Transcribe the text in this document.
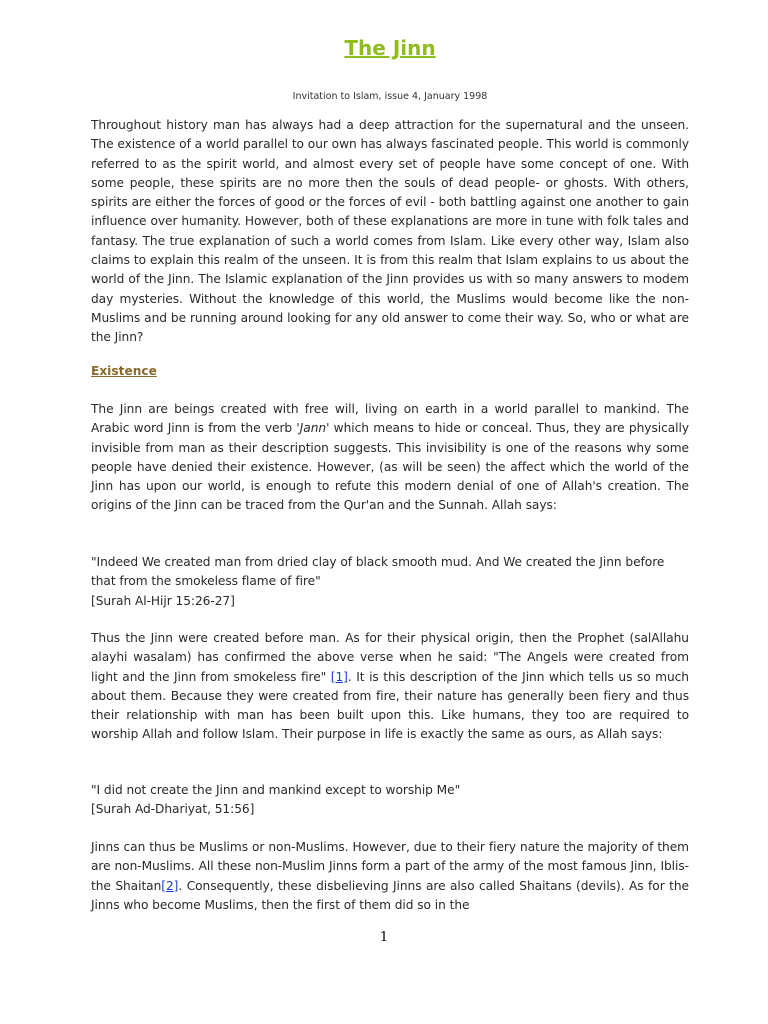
The Jinn
Invitation to Islam, issue 4, January 1998
Throughout history man has always had a deep attraction for the supernatural and the unseen. The existence of a world parallel to our own has always fascinated people. This world is commonly referred to as the spirit world, and almost every set of people have some concept of one. With some people, these spirits are no more then the souls of dead people- or ghosts. With others, spirits are either the forces of good or the forces of evil - both battling against one another to gain influence over humanity. However, both of these explanations are more in tune with folk tales and fantasy. The true explanation of such a world comes from Islam. Like every other way, Islam also claims to explain this realm of the unseen. It is from this realm that Islam explains to us about the world of the Jinn. The Islamic explanation of the Jinn provides us with so many answers to modem day mysteries. Without the knowledge of this world, the Muslims would become like the non-Muslims and be running around looking for any old answer to come their way. So, who or what are the Jinn?
Existence
The Jinn are beings created with free will, living on earth in a world parallel to mankind. The Arabic word Jinn is from the verb 'Jann' which means to hide or conceal. Thus, they are physically invisible from man as their description suggests. This invisibility is one of the reasons why some people have denied their existence. However, (as will be seen) the affect which the world of the Jinn has upon our world, is enough to refute this modern denial of one of Allah's creation. The origins of the Jinn can be traced from the Qur'an and the Sunnah. Allah says:
"Indeed We created man from dried clay of black smooth mud. And We created the Jinn before that from the smokeless flame of fire"
[Surah Al-Hijr 15:26-27]
Thus the Jinn were created before man. As for their physical origin, then the Prophet (salAllahu alayhi wasalam) has confirmed the above verse when he said: "The Angels were created from light and the Jinn from smokeless fire" [1]. It is this description of the Jinn which tells us so much about them. Because they were created from fire, their nature has generally been fiery and thus their relationship with man has been built upon this. Like humans, they too are required to worship Allah and follow Islam. Their purpose in life is exactly the same as ours, as Allah says:
"I did not create the Jinn and mankind except to worship Me"
[Surah Ad-Dhariyat, 51:56]
Jinns can thus be Muslims or non-Muslims. However, due to their fiery nature the majority of them are non-Muslims. All these non-Muslim Jinns form a part of the army of the most famous Jinn, Iblis- the Shaitan[2]. Consequently, these disbelieving Jinns are also called Shaitans (devils). As for the Jinns who become Muslims, then the first of them did so in the
1
